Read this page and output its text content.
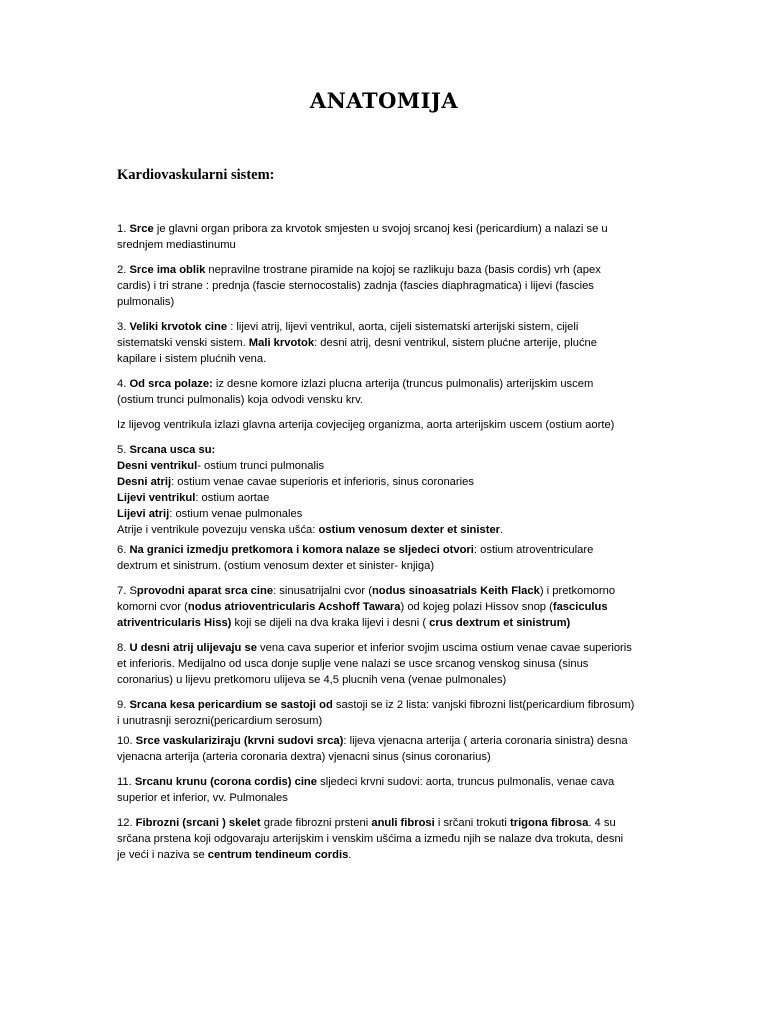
ANATOMIJA
Kardiovaskularni sistem:
1. Srce je glavni organ pribora za krvotok smjesten u svojoj srcanoj kesi (pericardium) a nalazi se u
srednjem mediastinumu
2. Srce ima oblik nepravilne trostrane piramide na kojoj se razlikuju baza (basis cordis) vrh (apex
cardis) i tri strane : prednja (fascie sternocostalis) zadnja (fascies diaphragmatica) i lijevi (fascies
pulmonalis)
3. Veliki krvotok cine : lijevi atrij, lijevi ventrikul, aorta, cijeli sistematski arterijski sistem, cijeli
sistematski venski sistem. Mali krvotok: desni atrij, desni ventrikul, sistem plućne arterije, plućne
kapilare i sistem plućnih vena.
4. Od srca polaze: iz desne komore izlazi plucna arterija (truncus pulmonalis) arterijskim uscem
(ostium trunci pulmonalis) koja odvodi vensku krv.
Iz lijevog ventrikula izlazi glavna arterija covjecijeg organizma, aorta arterijskim uscem (ostium aorte)
5. Srcana usca su:
Desni ventrikul- ostium trunci pulmonalis
Desni atrij: ostium venae cavae superioris et inferioris, sinus coronaries
Lijevi ventrikul: ostium aortae
Lijevi atrij: ostium venae pulmonales
Atrije i ventrikule povezuju venska ušća: ostium venosum dexter et sinister.
6. Na granici izmedju pretkomora i komora nalaze se sljedeci otvori: ostium atroventriculare
dextrum et sinistrum. (ostium venosum dexter et sinister- knjiga)
7. Sprovodni aparat srca cine: sinusatrijalni cvor (nodus sinoasatrials Keith Flack) i pretkomorno
komorni cvor (nodus atrioventricularis Acshoff Tawara) od kojeg polazi Hissov snop (fasciculus
atriventricularis Hiss) koji se dijeli na dva kraka lijevi i desni ( crus dextrum et sinistrum)
8. U desni atrij ulijevaju se vena cava superior et inferior svojim uscima ostium venae cavae superioris
et inferioris. Medijalno od usca donje suplje vene nalazi se usce srcanog venskog sinusa (sinus
coronarius) u lijevu pretkomoru ulijeva se 4,5 plucnih vena (venae pulmonales)
9. Srcana kesa pericardium se sastoji od sastoji se iz 2 lista: vanjski fibrozni list(pericardium fibrosum)
i unutrasnji serozni(pericardium serosum)
10. Srce vaskulariziraju (krvni sudovi srca): lijeva vjenacna arterija ( arteria coronaria sinistra) desna
vjenacna arterija (arteria coronaria dextra) vjenacni sinus (sinus coronarius)
11. Srcanu krunu (corona cordis) cine sljedeci krvni sudovi: aorta, truncus pulmonalis, venae cava
superior et inferior, vv. Pulmonales
12. Fibrozni (srcani ) skelet grade fibrozni prsteni anuli fibrosi i srčani trokuti trigona fibrosa. 4 su
srčana prstena koji odgovaraju arterijskim i venskim ušćima a između njih se nalaze dva trokuta, desni
je veći i naziva se centrum tendineum cordis.
